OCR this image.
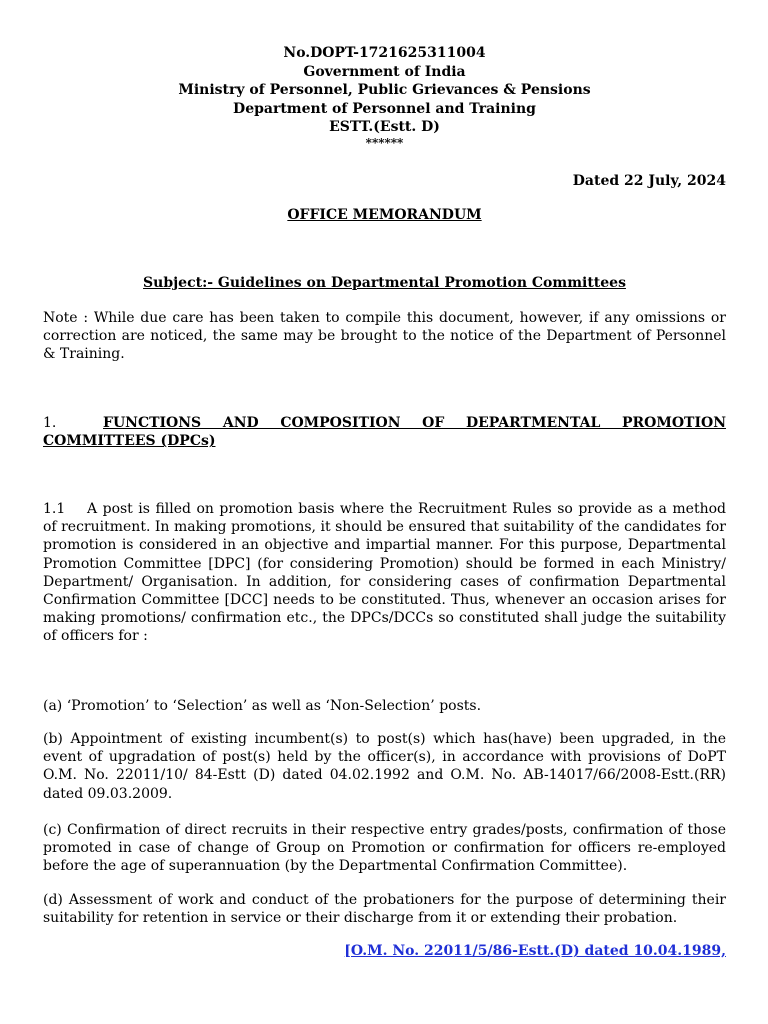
No.DOPT-1721625311004
Government of India
Ministry of Personnel, Public Grievances & Pensions
Department of Personnel and Training
ESTT.(Estt. D)
******
Dated 22 July, 2024
OFFICE MEMORANDUM
Subject:- Guidelines on Departmental Promotion Committees
Note : While due care has been taken to compile this document, however, if any omissions or correction are noticed, the same may be brought to the notice of the Department of Personnel & Training.
1.	FUNCTIONS AND COMPOSITION OF DEPARTMENTAL PROMOTION COMMITTEES (DPCs)
1.1 A post is filled on promotion basis where the Recruitment Rules so provide as a method of recruitment. In making promotions, it should be ensured that suitability of the candidates for promotion is considered in an objective and impartial manner. For this purpose, Departmental Promotion Committee [DPC] (for considering Promotion) should be formed in each Ministry/ Department/ Organisation. In addition, for considering cases of confirmation Departmental Confirmation Committee [DCC] needs to be constituted. Thus, whenever an occasion arises for making promotions/ confirmation etc., the DPCs/DCCs so constituted shall judge the suitability of officers for :
(a) ‘Promotion’ to ‘Selection’ as well as ‘Non-Selection’ posts.
(b) Appointment of existing incumbent(s) to post(s) which has(have) been upgraded, in the event of upgradation of post(s) held by the officer(s), in accordance with provisions of DoPT O.M. No. 22011/10/ 84-Estt (D) dated 04.02.1992 and O.M. No. AB-14017/66/2008-Estt.(RR) dated 09.03.2009.
(c) Confirmation of direct recruits in their respective entry grades/posts, confirmation of those promoted in case of change of Group on Promotion or confirmation for officers re-employed before the age of superannuation (by the Departmental Confirmation Committee).
(d) Assessment of work and conduct of the probationers for the purpose of determining their suitability for retention in service or their discharge from it or extending their probation.
[O.M. No. 22011/5/86-Estt.(D) dated 10.04.1989,
